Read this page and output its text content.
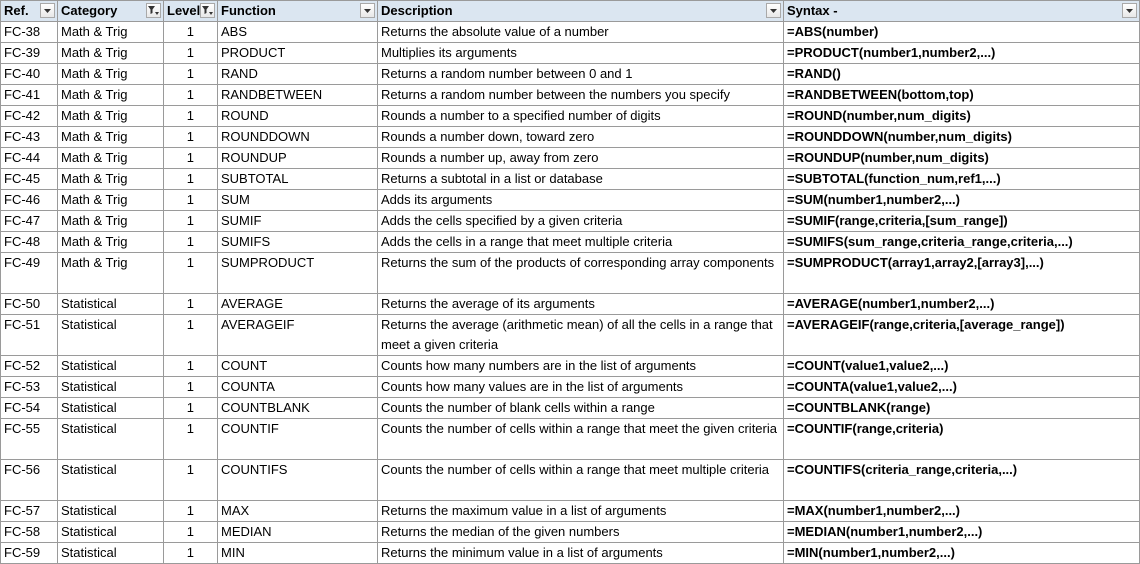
Ref.	Category	Level	Function	Description	Syntax -

FC-38	Math & Trig	1	ABS	Returns the absolute value of a number	=ABS(number)
FC-39	Math & Trig	1	PRODUCT	Multiplies its arguments	=PRODUCT(number1,number2,...)
FC-40	Math & Trig	1	RAND	Returns a random number between 0 and 1	=RAND()
FC-41	Math & Trig	1	RANDBETWEEN	Returns a random number between the numbers you specify	=RANDBETWEEN(bottom,top)
FC-42	Math & Trig	1	ROUND	Rounds a number to a specified number of digits	=ROUND(number,num_digits)
FC-43	Math & Trig	1	ROUNDDOWN	Rounds a number down, toward zero	=ROUNDDOWN(number,num_digits)
FC-44	Math & Trig	1	ROUNDUP	Rounds a number up, away from zero	=ROUNDUP(number,num_digits)
FC-45	Math & Trig	1	SUBTOTAL	Returns a subtotal in a list or database	=SUBTOTAL(function_num,ref1,...)
FC-46	Math & Trig	1	SUM	Adds its arguments	=SUM(number1,number2,...)
FC-47	Math & Trig	1	SUMIF	Adds the cells specified by a given criteria	=SUMIF(range,criteria,[sum_range])
FC-48	Math & Trig	1	SUMIFS	Adds the cells in a range that meet multiple criteria	=SUMIFS(sum_range,criteria_range,criteria,...)
FC-49	Math & Trig	1	SUMPRODUCT	Returns the sum of the products of corresponding array components	=SUMPRODUCT(array1,array2,[array3],...)
FC-50	Statistical	1	AVERAGE	Returns the average of its arguments	=AVERAGE(number1,number2,...)
FC-51	Statistical	1	AVERAGEIF	Returns the average (arithmetic mean) of all the cells in a range that meet a given criteria	=AVERAGEIF(range,criteria,[average_range])
FC-52	Statistical	1	COUNT	Counts how many numbers are in the list of arguments	=COUNT(value1,value2,...)
FC-53	Statistical	1	COUNTA	Counts how many values are in the list of arguments	=COUNTA(value1,value2,...)
FC-54	Statistical	1	COUNTBLANK	Counts the number of blank cells within a range	=COUNTBLANK(range)
FC-55	Statistical	1	COUNTIF	Counts the number of cells within a range that meet the given criteria	=COUNTIF(range,criteria)
FC-56	Statistical	1	COUNTIFS	Counts the number of cells within a range that meet multiple criteria	=COUNTIFS(criteria_range,criteria,...)
FC-57	Statistical	1	MAX	Returns the maximum value in a list of arguments	=MAX(number1,number2,...)
FC-58	Statistical	1	MEDIAN	Returns the median of the given numbers	=MEDIAN(number1,number2,...)
FC-59	Statistical	1	MIN	Returns the minimum value in a list of arguments	=MIN(number1,number2,...)
